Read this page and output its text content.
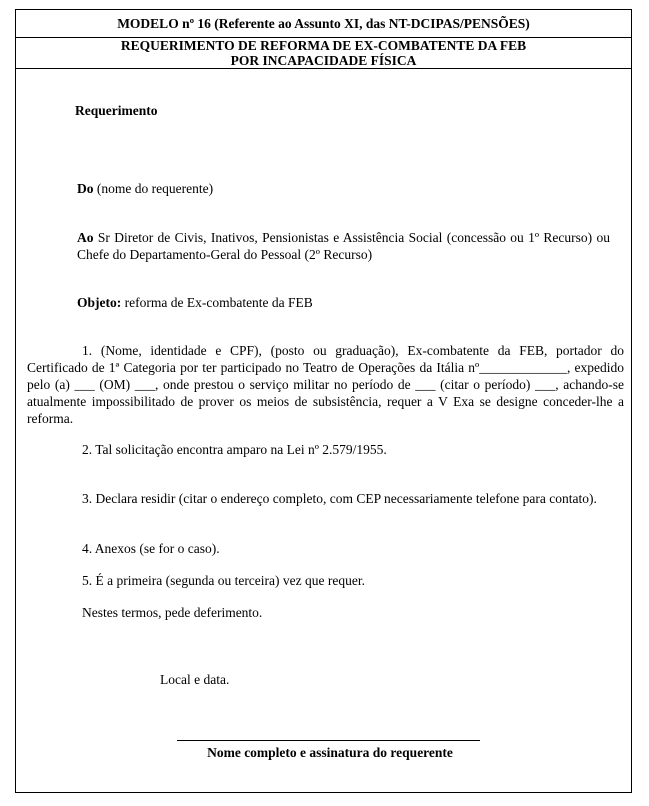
MODELO nº 16 (Referente ao Assunto XI, das NT-DCIPAS/PENSÕES)
REQUERIMENTO DE REFORMA DE EX-COMBATENTE DA FEB
POR INCAPACIDADE FÍSICA
Requerimento
Do (nome do requerente)
Ao Sr Diretor de Civis, Inativos, Pensionistas e Assistência Social (concessão ou 1º Recurso) ou Chefe do Departamento-Geral do Pessoal (2º Recurso)
Objeto: reforma de Ex-combatente da FEB
1. (Nome, identidade e CPF), (posto ou graduação), Ex-combatente da FEB, portador do Certificado de 1ª Categoria por ter participado no Teatro de Operações da Itália nº_____________, expedido pelo (a) ___ (OM) ___, onde prestou o serviço militar no período de ___ (citar o período) ___, achando-se atualmente impossibilitado de prover os meios de subsistência, requer a V Exa se designe conceder-lhe a reforma.
2. Tal solicitação encontra amparo na Lei nº 2.579/1955.
3. Declara residir (citar o endereço completo, com CEP necessariamente telefone para contato).
4. Anexos (se for o caso).
5. É a primeira (segunda ou terceira) vez que requer.
Nestes termos, pede deferimento.
Local e data.
Nome completo e assinatura do requerente
